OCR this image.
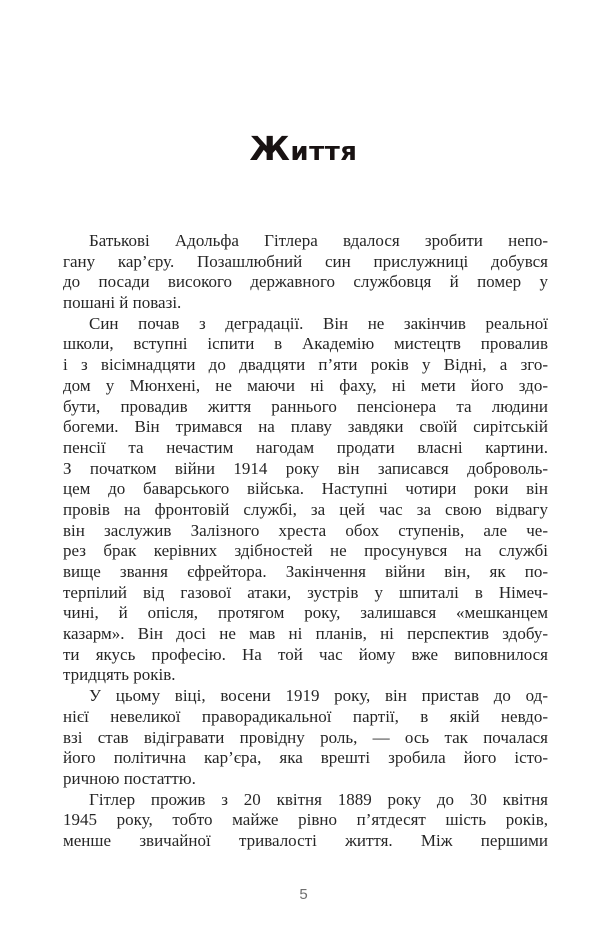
Життя
Батькові Адольфа Гітлера вдалося зробити непо-
гану кар’єру. Позашлюбний син прислужниці добувся
до посади високого державного службовця й помер у
пошані й повазі.
Син почав з деградації. Він не закінчив реальної
школи, вступні іспити в Академію мистецтв провалив
і з вісімнадцяти до двадцяти п’яти років у Відні, а зго-
дом у Мюнхені, не маючи ні фаху, ні мети його здо-
бути, провадив життя раннього пенсіонера та людини
богеми. Він тримався на плаву завдяки своїй сирітській
пенсії та нечастим нагодам продати власні картини.
З початком війни 1914 року він записався доброволь-
цем до баварського війська. Наступні чотири роки він
провів на фронтовій службі, за цей час за свою відвагу
він заслужив Залізного хреста обох ступенів, але че-
рез брак керівних здібностей не просунувся на службі
вище звання єфрейтора. Закінчення війни він, як по-
терпілий від газової атаки, зустрів у шпиталі в Німеч-
чині, й опісля, протягом року, залишався «мешканцем
казарм». Він досі не мав ні планів, ні перспектив здобу-
ти якусь професію. На той час йому вже виповнилося
тридцять років.
У цьому віці, восени 1919 року, він пристав до од-
нієї невеликої праворадикальної партії, в якій невдо-
взі став відігравати провідну роль, — ось так почалася
його політична кар’єра, яка врешті зробила його істо-
ричною постаттю.
Гітлер прожив з 20 квітня 1889 року до 30 квітня
1945 року, тобто майже рівно п’ятдесят шість років,
менше звичайної тривалості життя. Між першими
5
